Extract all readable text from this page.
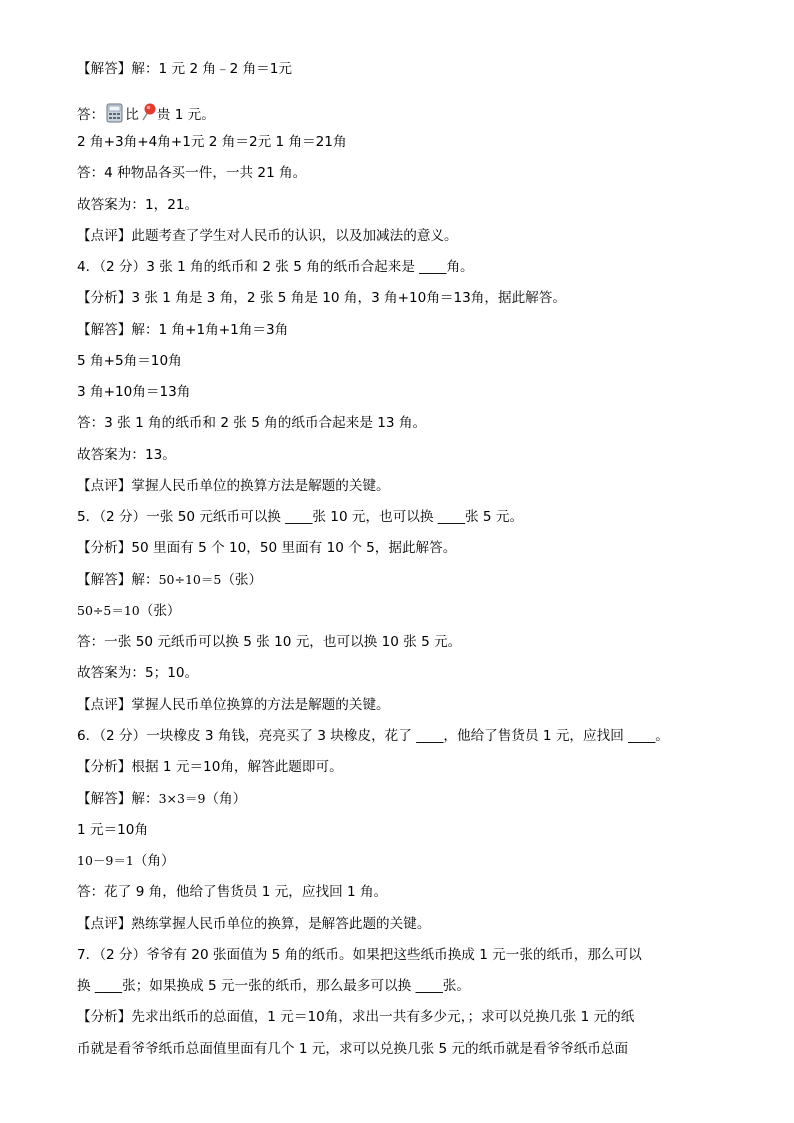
【解答】解：1 元 2 角﹣2 角＝1元
答： 比 贵 1 元。
2 角+3角+4角+1元 2 角＝2元 1 角＝21角
答：4 种物品各买一件，一共 21 角。
故答案为：1，21。
【点评】此题考查了学生对人民币的认识，以及加减法的意义。
4．（2 分）3 张 1 角的纸币和 2 张 5 角的纸币合起来是 ____角。
【分析】3 张 1 角是 3 角，2 张 5 角是 10 角，3 角+10角＝13角，据此解答。
【解答】解：1 角+1角+1角＝3角
5 角+5角＝10角
3 角+10角＝13角
答：3 张 1 角的纸币和 2 张 5 角的纸币合起来是 13 角。
故答案为：13。
【点评】掌握人民币单位的换算方法是解题的关键。
5．（2 分）一张 50 元纸币可以换 ____张 10 元，也可以换 ____张 5 元。
【分析】50 里面有 5 个 10，50 里面有 10 个 5，据此解答。
【解答】解：50÷10＝5（张）
50÷5＝10（张）
答：一张 50 元纸币可以换 5 张 10 元，也可以换 10 张 5 元。
故答案为：5；10。
【点评】掌握人民币单位换算的方法是解题的关键。
6．（2 分）一块橡皮 3 角钱，亮亮买了 3 块橡皮，花了 ____，他给了售货员 1 元，应找回 ____。
【分析】根据 1 元＝10角，解答此题即可。
【解答】解：3×3＝9（角）
1 元＝10角
10－9＝1（角）
答：花了 9 角，他给了售货员 1 元，应找回 1 角。
【点评】熟练掌握人民币单位的换算，是解答此题的关键。
7．（2 分）爷爷有 20 张面值为 5 角的纸币。如果把这些纸币换成 1 元一张的纸币，那么可以
换 ____张；如果换成 5 元一张的纸币，那么最多可以换 ____张。
【分析】先求出纸币的总面值，1 元＝10角，求出一共有多少元，；求可以兑换几张 1 元的纸
币就是看爷爷纸币总面值里面有几个 1 元，求可以兑换几张 5 元的纸币就是看爷爷纸币总面
